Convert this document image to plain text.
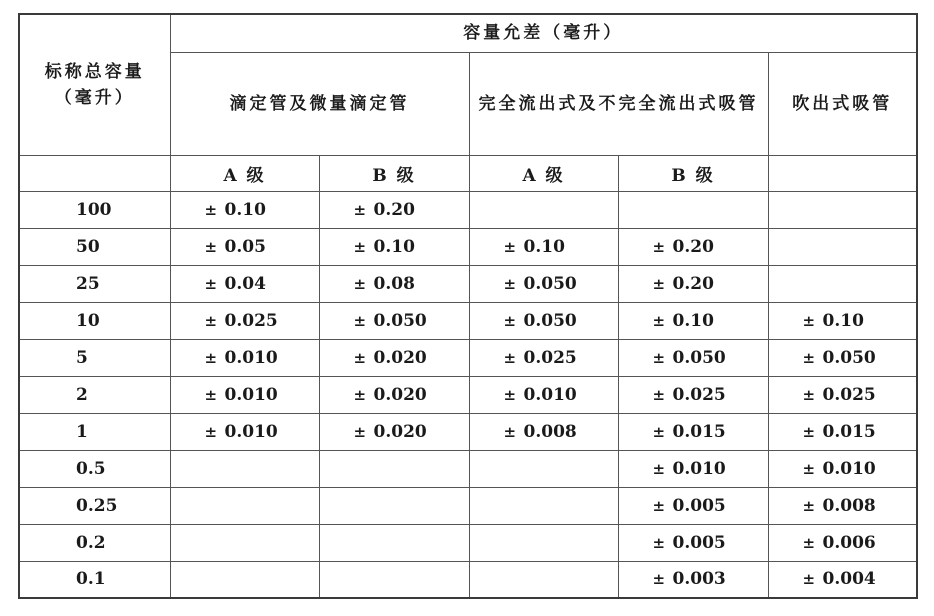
标称总容量
（毫升）	容量允差（毫升）				
	滴定管及微量滴定管		完全流出式及不完全流出式吸管		吹出式吸管
	A 级	B 级	A 级	B 级	
100	± 0.10	± 0.20			
50	± 0.05	± 0.10	± 0.10	± 0.20	
25	± 0.04	± 0.08	± 0.050	± 0.20	
10	± 0.025	± 0.050	± 0.050	± 0.10	± 0.10
5	± 0.010	± 0.020	± 0.025	± 0.050	± 0.050
2	± 0.010	± 0.020	± 0.010	± 0.025	± 0.025
1	± 0.010	± 0.020	± 0.008	± 0.015	± 0.015
0.5				± 0.010	± 0.010
0.25				± 0.005	± 0.008
0.2				± 0.005	± 0.006
0.1				± 0.003	± 0.004
